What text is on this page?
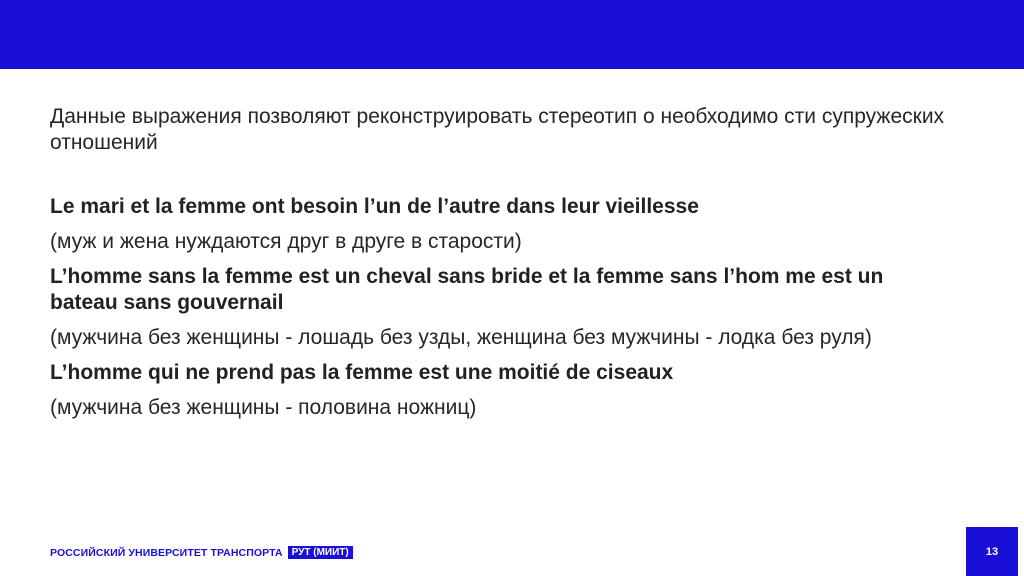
Данные выражения позволяют реконструировать стереотип о необходимо сти супружеских отношений

Le mari et la femme ont besoin l’un de l’autre dans leur vieillesse
(муж и жена нуждаются друг в друге в старости)
L’homme sans la femme est un cheval sans bride et la femme sans l’hom me est un bateau sans gouvernail
(мужчина без женщины - лошадь без узды, женщина без мужчины - лодка без руля)
L’homme qui ne prend pas la femme est une moitié de ciseaux
(мужчина без женщины - половина ножниц)
РОССИЙСКИЙ УНИВЕРСИТЕТ ТРАНСПОРТА РУТ (МИИТ)	13
